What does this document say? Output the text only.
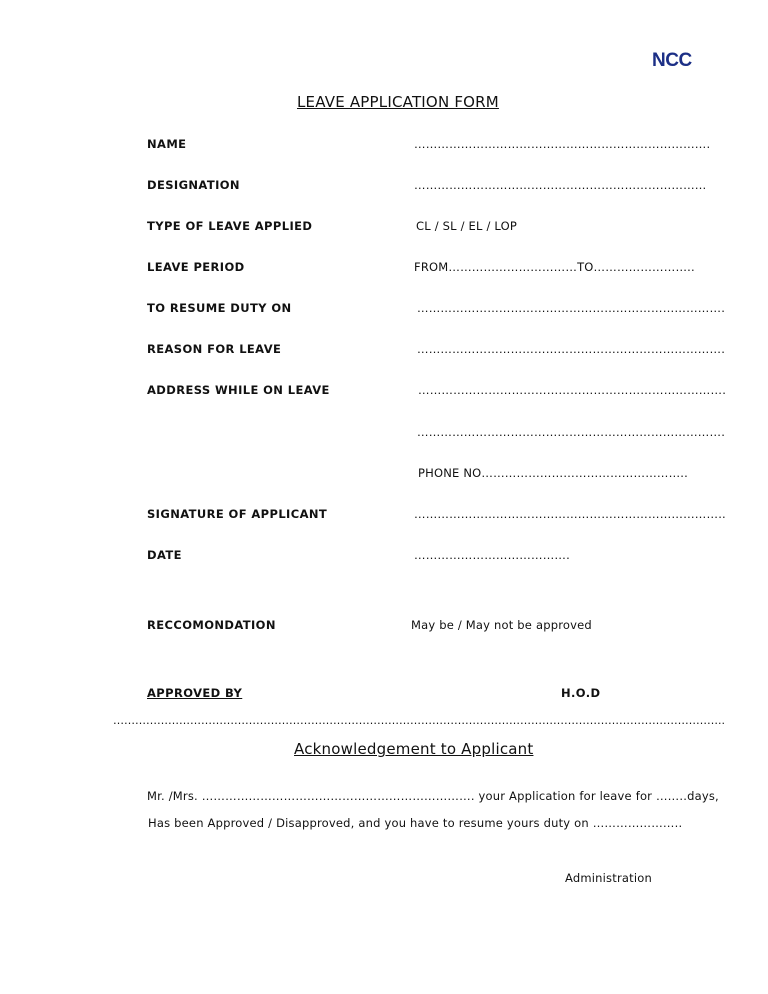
NCC
LEAVE APPLICATION FORM
NAME	………………………………………………………………….
DESIGNATION	…………………………………………………………………
TYPE OF LEAVE APPLIED	CL / SL / EL / LOP
LEAVE PERIOD	FROM……………………………TO……………………..
TO RESUME DUTY ON	…………………………………………………………………….
REASON FOR LEAVE	…………………………………………………………………….
ADDRESS WHILE ON LEAVE	…………………………………………………………………….
…………………………………………………………………….
PHONE NO……………………………………………..
SIGNATURE OF APPLICANT	……………………………………………………………………..
DATE	………………………………….
RECCOMONDATION	May be / May not be approved
APPROVED BY	H.O.D
…………………………………………………………………………………………………………………………………………………..
Acknowledgement to Applicant
Mr. /Mrs. ……………………………………………………………. your Application for leave for ……..days,
Has been Approved / Disapproved, and you have to resume yours duty on …………………..
Administration
